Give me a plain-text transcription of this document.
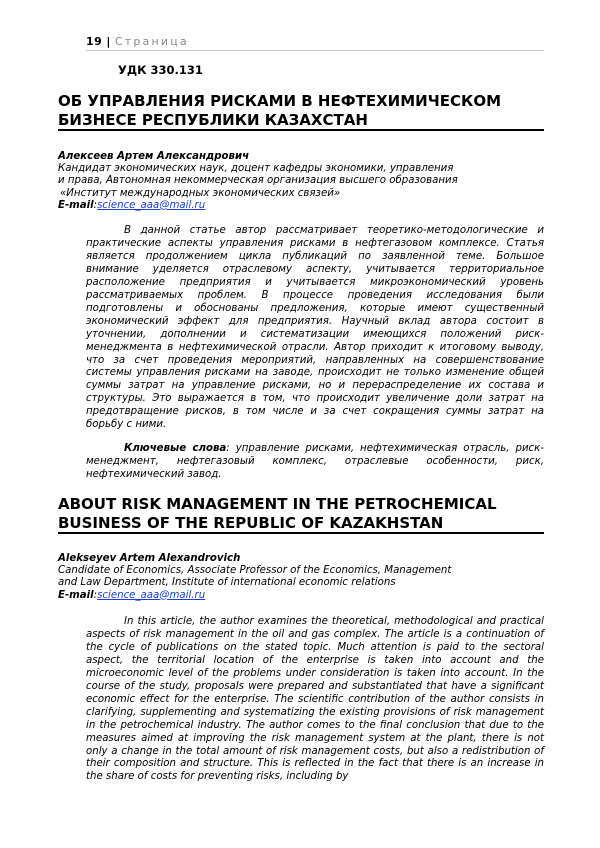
19 | Страница
УДК 330.131
ОБ УПРАВЛЕНИЯ РИСКАМИ В НЕФТЕХИМИЧЕСКОМ
БИЗНЕСЕ РЕСПУБЛИКИ КАЗАХСТАН
Алексеев Артем Александрович
Кандидат экономических наук, доцент кафедры экономики, управления
и права, Автономная некоммерческая организация высшего образования
«Институт международных экономических связей»
E-mail:science_aaa@mail.ru

В данной статье автор рассматривает теоретико-методологические и практические аспекты управления рисками в нефтегазовом комплексе. Статья является продолжением цикла публикаций по заявленной теме. Большое внимание уделяется отраслевому аспекту, учитывается территориальное расположение предприятия и учитывается микроэкономический уровень рассматриваемых проблем. В процессе проведения исследования были подготовлены и обоснованы предложения, которые имеют существенный экономический эффект для предприятия. Научный вклад автора состоит в уточнении, дополнении и систематизации имеющихся положений риск-менеджмента в нефтехимической отрасли. Автор приходит к итоговому выводу, что за счет проведения мероприятий, направленных на совершенствование системы управления рисками на заводе, происходит не только изменение общей суммы затрат на управление рисками, но и перераспределение их состава и структуры. Это выражается в том, что происходит увеличение доли затрат на предотвращение рисков, в том числе и за счет сокращения суммы затрат на борьбу с ними.

Ключевые слова: управление рисками, нефтехимическая отрасль, риск-менеджмент, нефтегазовый комплекс, отраслевые особенности, риск, нефтехимический завод.

ABOUT RISK MANAGEMENT IN THE PETROCHEMICAL
BUSINESS OF THE REPUBLIC OF KAZAKHSTAN
Alekseyev Artem Alexandrovich
Candidate of Economics, Associate Professor of the Economics, Management
and Law Department, Institute of international economic relations
E-mail:science_aaa@mail.ru

In this article, the author examines the theoretical, methodological and practical aspects of risk management in the oil and gas complex. The article is a continuation of the cycle of publications on the stated topic. Much attention is paid to the sectoral aspect, the territorial location of the enterprise is taken into account and the microeconomic level of the problems under consideration is taken into account. In the course of the study, proposals were prepared and substantiated that have a significant economic effect for the enterprise. The scientific contribution of the author consists in clarifying, supplementing and systematizing the existing provisions of risk management in the petrochemical industry. The author comes to the final conclusion that due to the measures aimed at improving the risk management system at the plant, there is not only a change in the total amount of risk management costs, but also a redistribution of their composition and structure. This is reflected in the fact that there is an increase in the share of costs for preventing risks, including by
